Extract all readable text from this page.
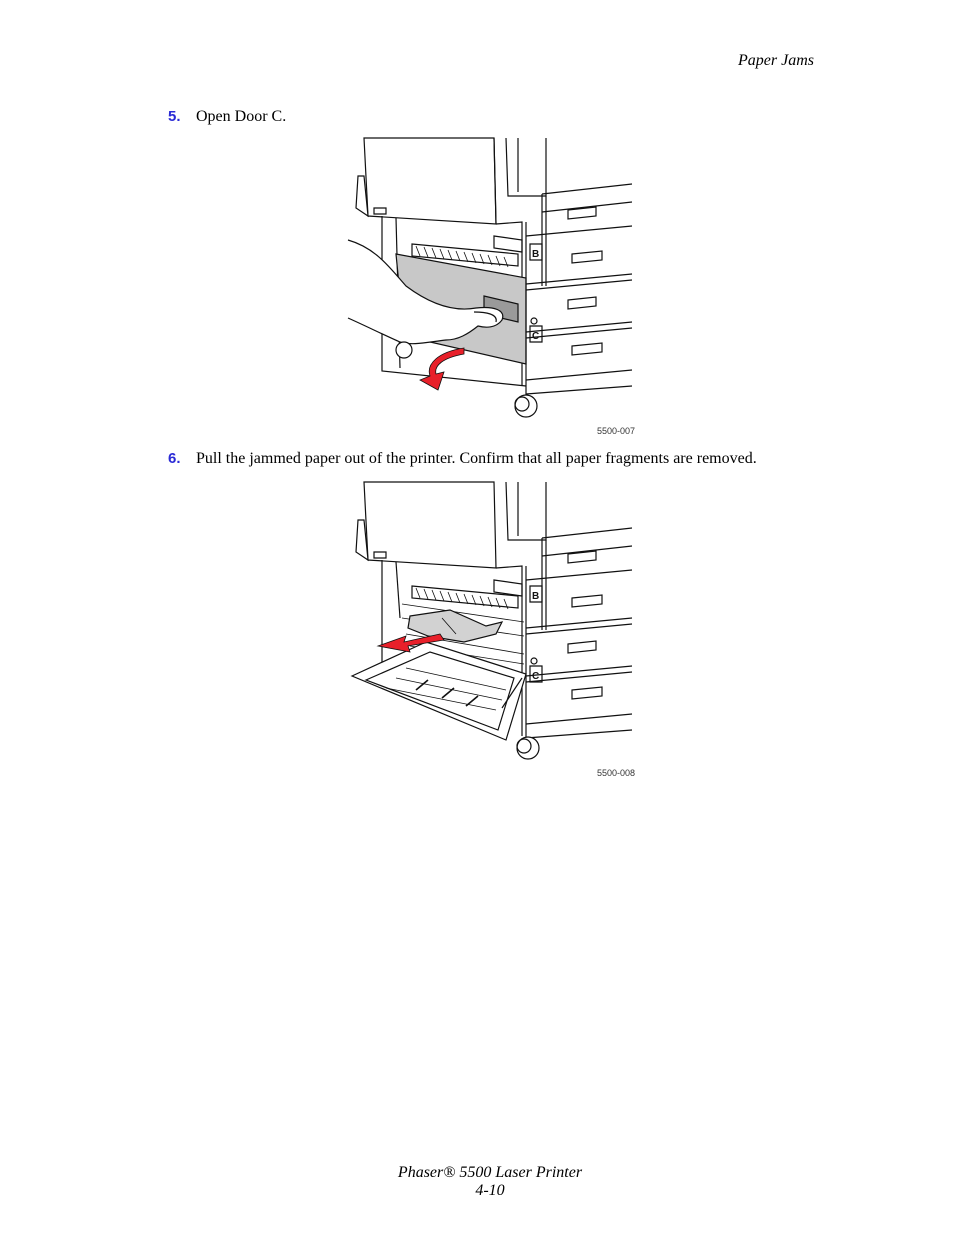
Paper Jams
5. Open Door C.
B
C
5500-007
6. Pull the jammed paper out of the printer. Confirm that all paper fragments are removed.
B
C
5500-008
Phaser® 5500 Laser Printer
4-10
